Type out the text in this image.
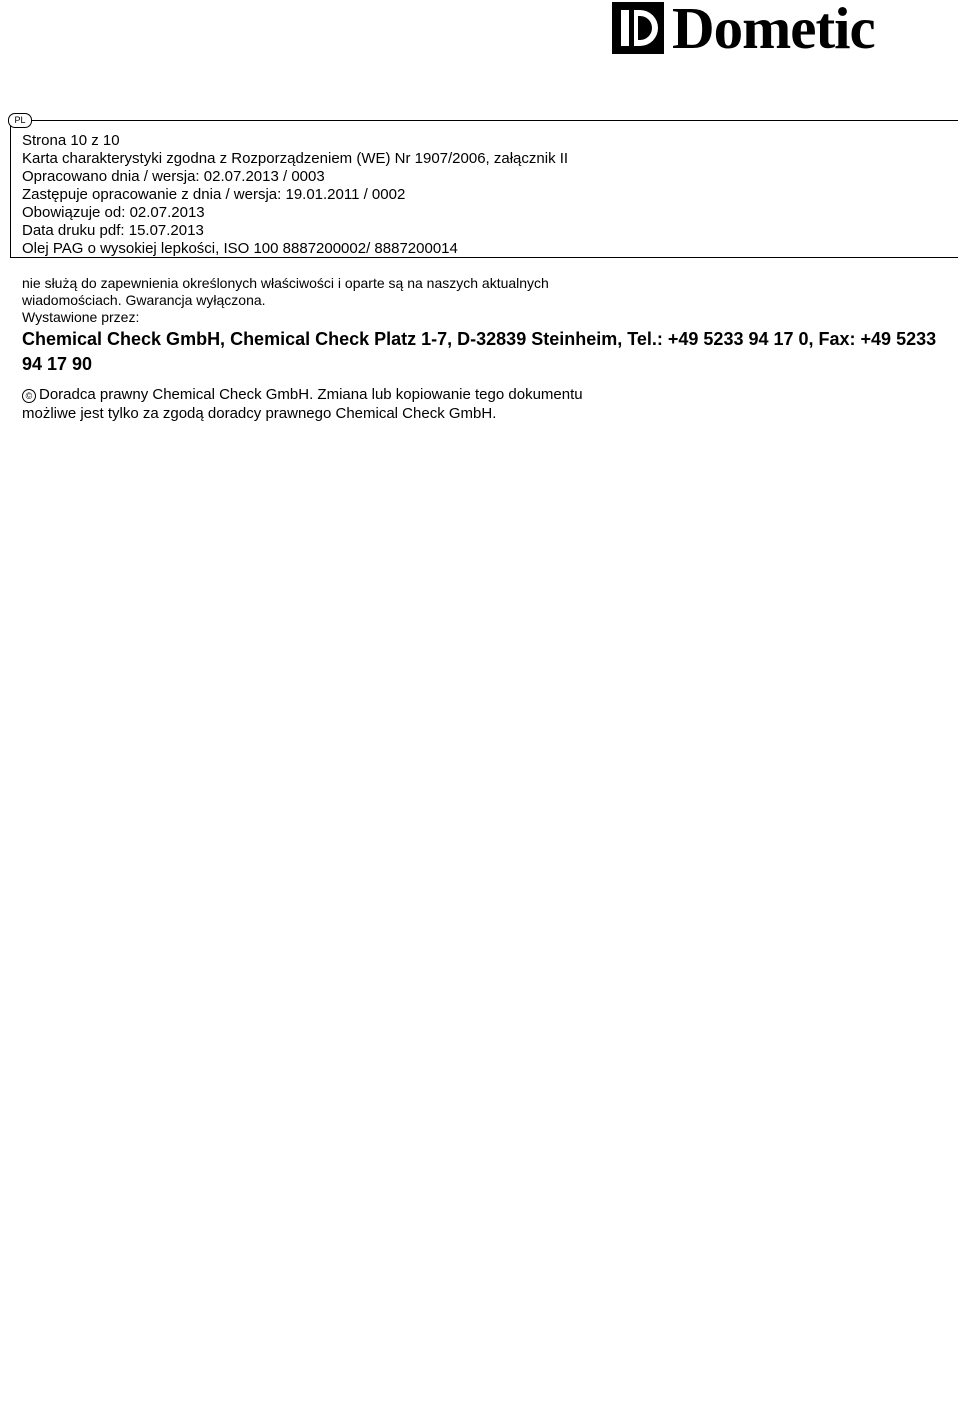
Dometic
PL
Strona 10 z 10
Karta charakterystyki zgodna z Rozporządzeniem (WE) Nr 1907/2006, załącznik II
Opracowano dnia / wersja: 02.07.2013 / 0003
Zastępuje opracowanie z dnia / wersja: 19.01.2011 / 0002
Obowiązuje od: 02.07.2013
Data druku pdf: 15.07.2013
Olej PAG o wysokiej lepkości, ISO 100 8887200002/ 8887200014
nie służą do zapewnienia określonych właściwości i oparte są na naszych aktualnych
wiadomościach. Gwarancja wyłączona.
Wystawione przez:
Chemical Check GmbH, Chemical Check Platz 1-7, D-32839 Steinheim, Tel.: +49 5233 94 17 0, Fax: +49 5233 94 17 90
© Doradca prawny Chemical Check GmbH. Zmiana lub kopiowanie tego dokumentu
możliwe jest tylko za zgodą doradcy prawnego Chemical Check GmbH.
